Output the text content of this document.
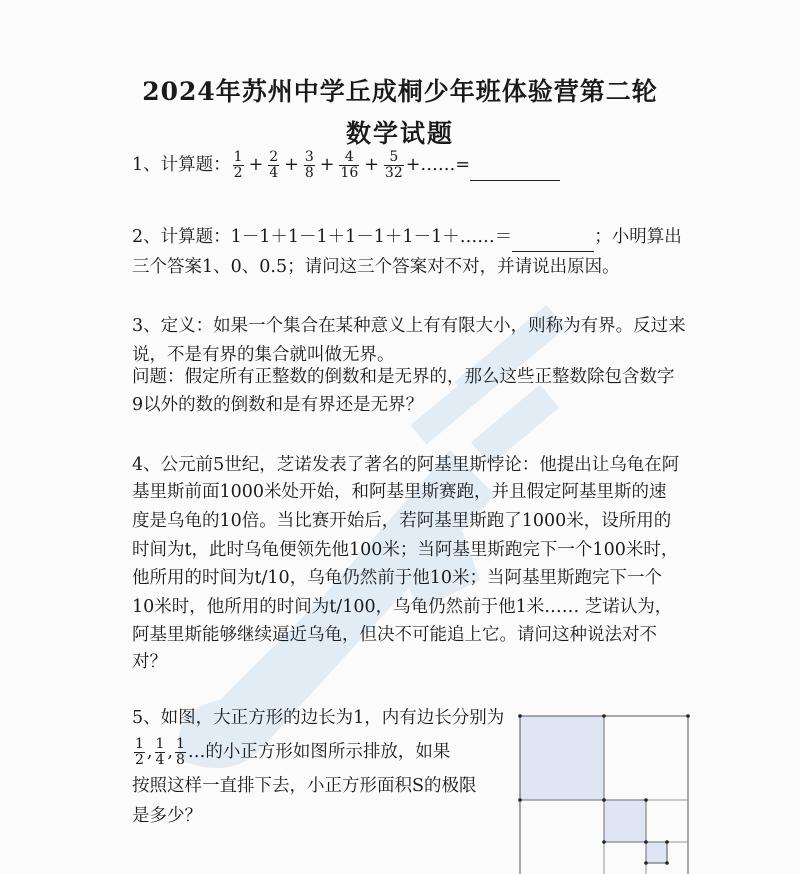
2024年苏州中学丘成桐少年班体验营第二轮
数学试题
1、计算题： $\frac{1}{2} + \frac{2}{4} + \frac{3}{8} + \frac{4}{16} + \frac{5}{32}$ +……=
2、计算题：1－1＋1－1＋1－1＋1－1＋……＝	；小明算出
三个答案1、0、0.5；请问这三个答案对不对，并请说出原因。
3、定义：如果一个集合在某种意义上有有限大小，则称为有界。反过来
说，不是有界的集合就叫做无界。
问题：假定所有正整数的倒数和是无界的，那么这些正整数除包含数字
9以外的数的倒数和是有界还是无界？
4、公元前5世纪，芝诺发表了著名的阿基里斯悖论：他提出让乌龟在阿
基里斯前面1000米处开始，和阿基里斯赛跑，并且假定阿基里斯的速
度是乌龟的10倍。当比赛开始后，若阿基里斯跑了1000米，设所用的
时间为t，此时乌龟便领先他100米；当阿基里斯跑完下一个100米时，
他所用的时间为t/10，乌龟仍然前于他10米；当阿基里斯跑完下一个
10米时，他所用的时间为t/100，乌龟仍然前于他1米…… 芝诺认为，
阿基里斯能够继续逼近乌龟，但决不可能追上它。请问这种说法对不
对？
5、如图，大正方形的边长为1，内有边长分别为
$\frac{1}{2}$ , $\frac{1}{4}$ , $\frac{1}{8}$ …的小正方形如图所示排放，如果
按照这样一直排下去，小正方形面积S的极限
是多少？
